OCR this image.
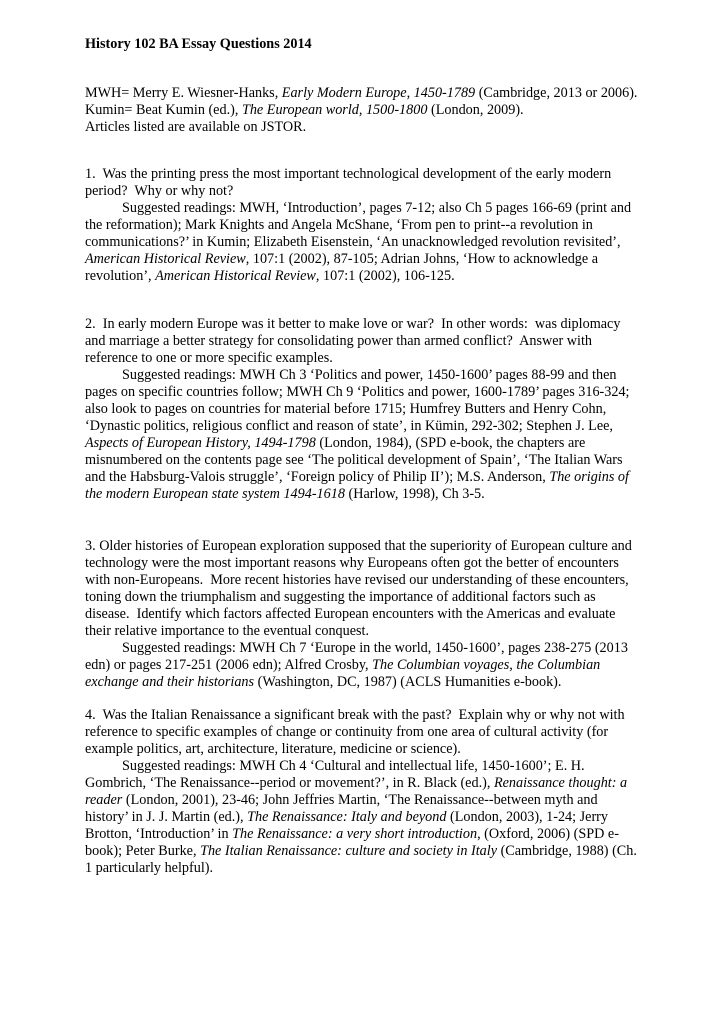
History 102 BA Essay Questions 2014

MWH= Merry E. Wiesner-Hanks, Early Modern Europe, 1450-1789 (Cambridge, 2013 or 2006).

Kumin= Beat Kumin (ed.), The European world, 1500-1800 (London, 2009).

Articles listed are available on JSTOR.

1.  Was the printing press the most important technological development of the early modern period?  Why or why not?

Suggested readings: MWH, ‘Introduction’, pages 7-12; also Ch 5 pages 166-69 (print and the reformation); Mark Knights and Angela McShane, ‘From pen to print--a revolution in communications?’ in Kumin; Elizabeth Eisenstein, ‘An unacknowledged revolution revisited’, American Historical Review, 107:1 (2002), 87-105; Adrian Johns, ‘How to acknowledge a revolution’, American Historical Review, 107:1 (2002), 106-125.

2.  In early modern Europe was it better to make love or war?  In other words:  was diplomacy and marriage a better strategy for consolidating power than armed conflict?  Answer with reference to one or more specific examples.

Suggested readings: MWH Ch 3 ‘Politics and power, 1450-1600’ pages 88-99 and then pages on specific countries follow; MWH Ch 9 ‘Politics and power, 1600-1789’ pages 316-324; also look to pages on countries for material before 1715; Humfrey Butters and Henry Cohn, ‘Dynastic politics, religious conflict and reason of state’, in Kümin, 292-302; Stephen J. Lee, Aspects of European History, 1494-1798 (London, 1984), (SPD e-book, the chapters are misnumbered on the contents page see ‘The political development of Spain’, ‘The Italian Wars and the Habsburg-Valois struggle’, ‘Foreign policy of Philip II’); M.S. Anderson, The origins of the modern European state system 1494-1618 (Harlow, 1998), Ch 3-5.

3. Older histories of European exploration supposed that the superiority of European culture and technology were the most important reasons why Europeans often got the better of encounters with non-Europeans.  More recent histories have revised our understanding of these encounters, toning down the triumphalism and suggesting the importance of additional factors such as disease.  Identify which factors affected European encounters with the Americas and evaluate their relative importance to the eventual conquest.

Suggested readings: MWH Ch 7 ‘Europe in the world, 1450-1600’, pages 238-275 (2013 edn) or pages 217-251 (2006 edn); Alfred Crosby, The Columbian voyages, the Columbian exchange and their historians (Washington, DC, 1987) (ACLS Humanities e-book).

4.  Was the Italian Renaissance a significant break with the past?  Explain why or why not with reference to specific examples of change or continuity from one area of cultural activity (for example politics, art, architecture, literature, medicine or science).

Suggested readings: MWH Ch 4 ‘Cultural and intellectual life, 1450-1600’; E. H. Gombrich, ‘The Renaissance--period or movement?’, in R. Black (ed.), Renaissance thought: a reader (London, 2001), 23-46; John Jeffries Martin, ‘The Renaissance--between myth and history’ in J. J. Martin (ed.), The Renaissance: Italy and beyond (London, 2003), 1-24; Jerry Brotton, ‘Introduction’ in The Renaissance: a very short introduction, (Oxford, 2006) (SPD e-book); Peter Burke, The Italian Renaissance: culture and society in Italy (Cambridge, 1988) (Ch. 1 particularly helpful).
